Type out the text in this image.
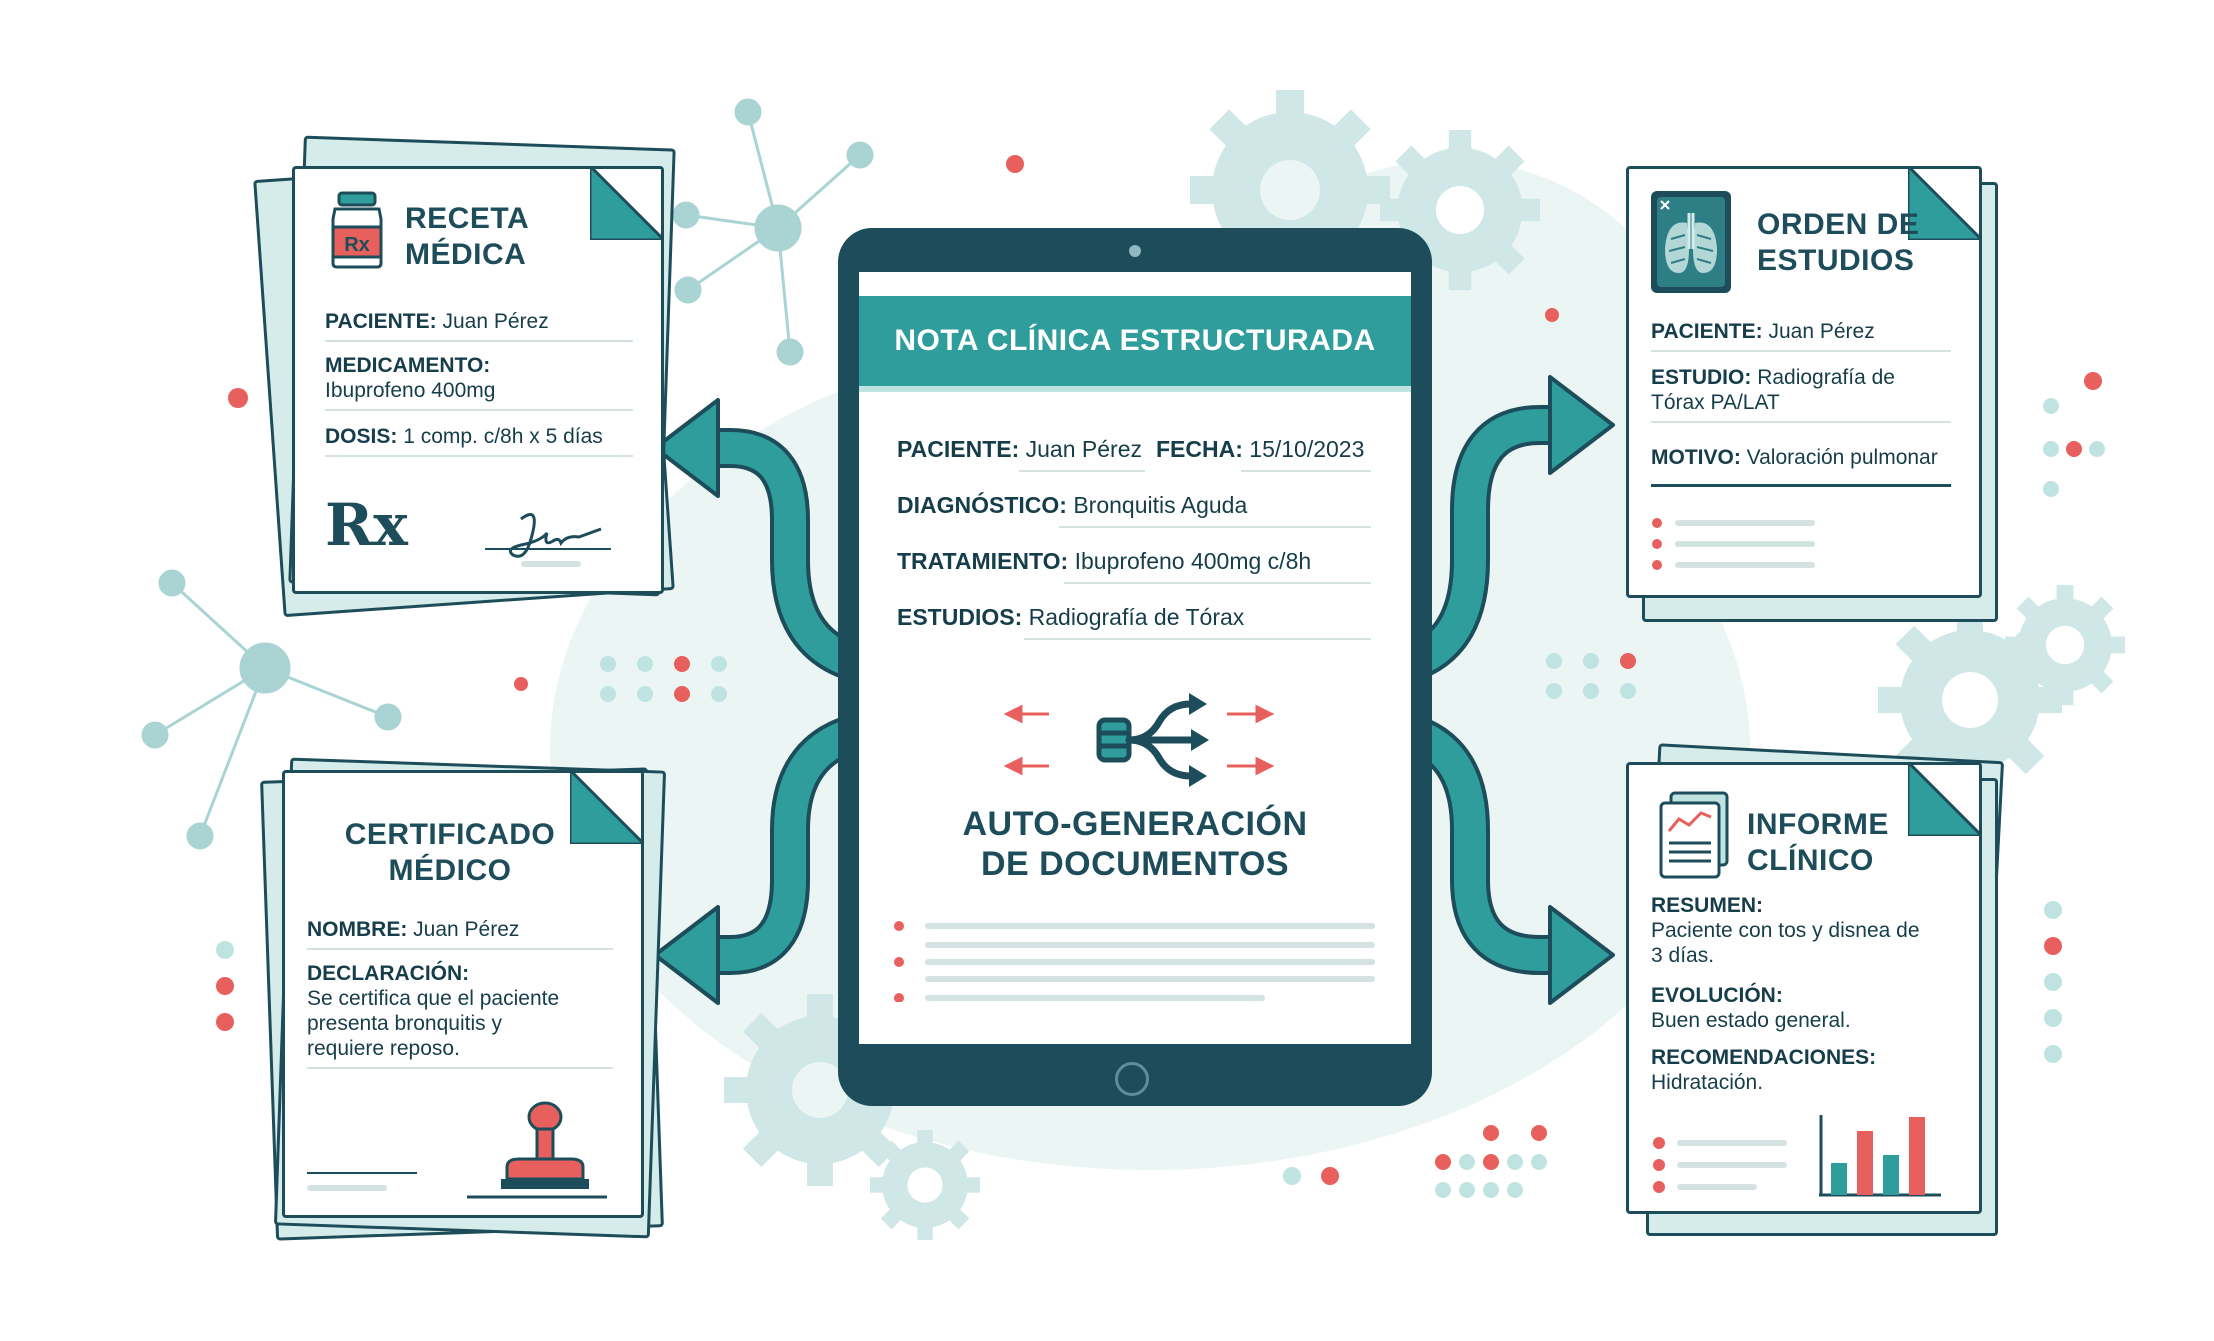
NOTA CLÍNICA ESTRUCTURADA
PACIENTE: Juan Pérez FECHA: 15/10/2023
DIAGNÓSTICO: Bronquitis Aguda
TRATAMIENTO: Ibuprofeno 400mg c/8h
ESTUDIOS: Radiografía de Tórax
AUTO-GENERACIÓN
DE DOCUMENTOS
Rx
RECETA
MÉDICA
PACIENTE: Juan Pérez
MEDICAMENTO:
Ibuprofeno 400mg
DOSIS: 1 comp. c/8h x 5 días
Rx
ORDEN DE
ESTUDIOS
PACIENTE: Juan Pérez
ESTUDIO: Radiografía de
Tórax PA/LAT
MOTIVO: Valoración pulmonar
CERTIFICADO
MÉDICO
NOMBRE: Juan Pérez
DECLARACIÓN:
Se certifica que el paciente
presenta bronquitis y
requiere reposo.
INFORME
CLÍNICO
RESUMEN:
Paciente con tos y disnea de
3 días.
EVOLUCIÓN:
Buen estado general.
RECOMENDACIONES:
Hidratación.
